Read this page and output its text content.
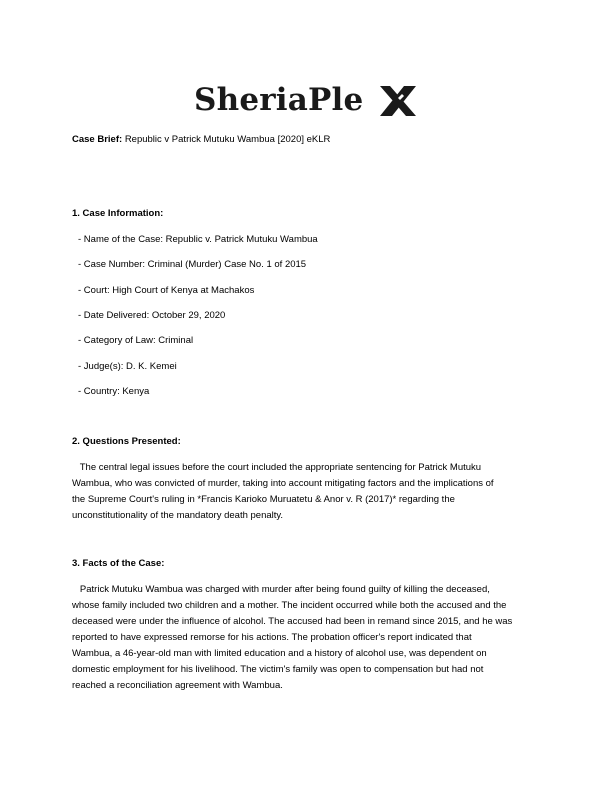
SheriaPle
Case Brief: Republic v Patrick Mutuku Wambua [2020] eKLR
1. Case Information:
- Name of the Case: Republic v. Patrick Mutuku Wambua
- Case Number: Criminal (Murder) Case No. 1 of 2015
- Court: High Court of Kenya at Machakos
- Date Delivered: October 29, 2020
- Category of Law: Criminal
- Judge(s): D. K. Kemei
- Country: Kenya
2. Questions Presented:
The central legal issues before the court included the appropriate sentencing for Patrick Mutuku
Wambua, who was convicted of murder, taking into account mitigating factors and the implications of
the Supreme Court's ruling in *Francis Karioko Muruatetu & Anor v. R (2017)* regarding the
unconstitutionality of the mandatory death penalty.
3. Facts of the Case:
Patrick Mutuku Wambua was charged with murder after being found guilty of killing the deceased,
whose family included two children and a mother. The incident occurred while both the accused and the
deceased were under the influence of alcohol. The accused had been in remand since 2015, and he was
reported to have expressed remorse for his actions. The probation officer's report indicated that
Wambua, a 46-year-old man with limited education and a history of alcohol use, was dependent on
domestic employment for his livelihood. The victim's family was open to compensation but had not
reached a reconciliation agreement with Wambua.
